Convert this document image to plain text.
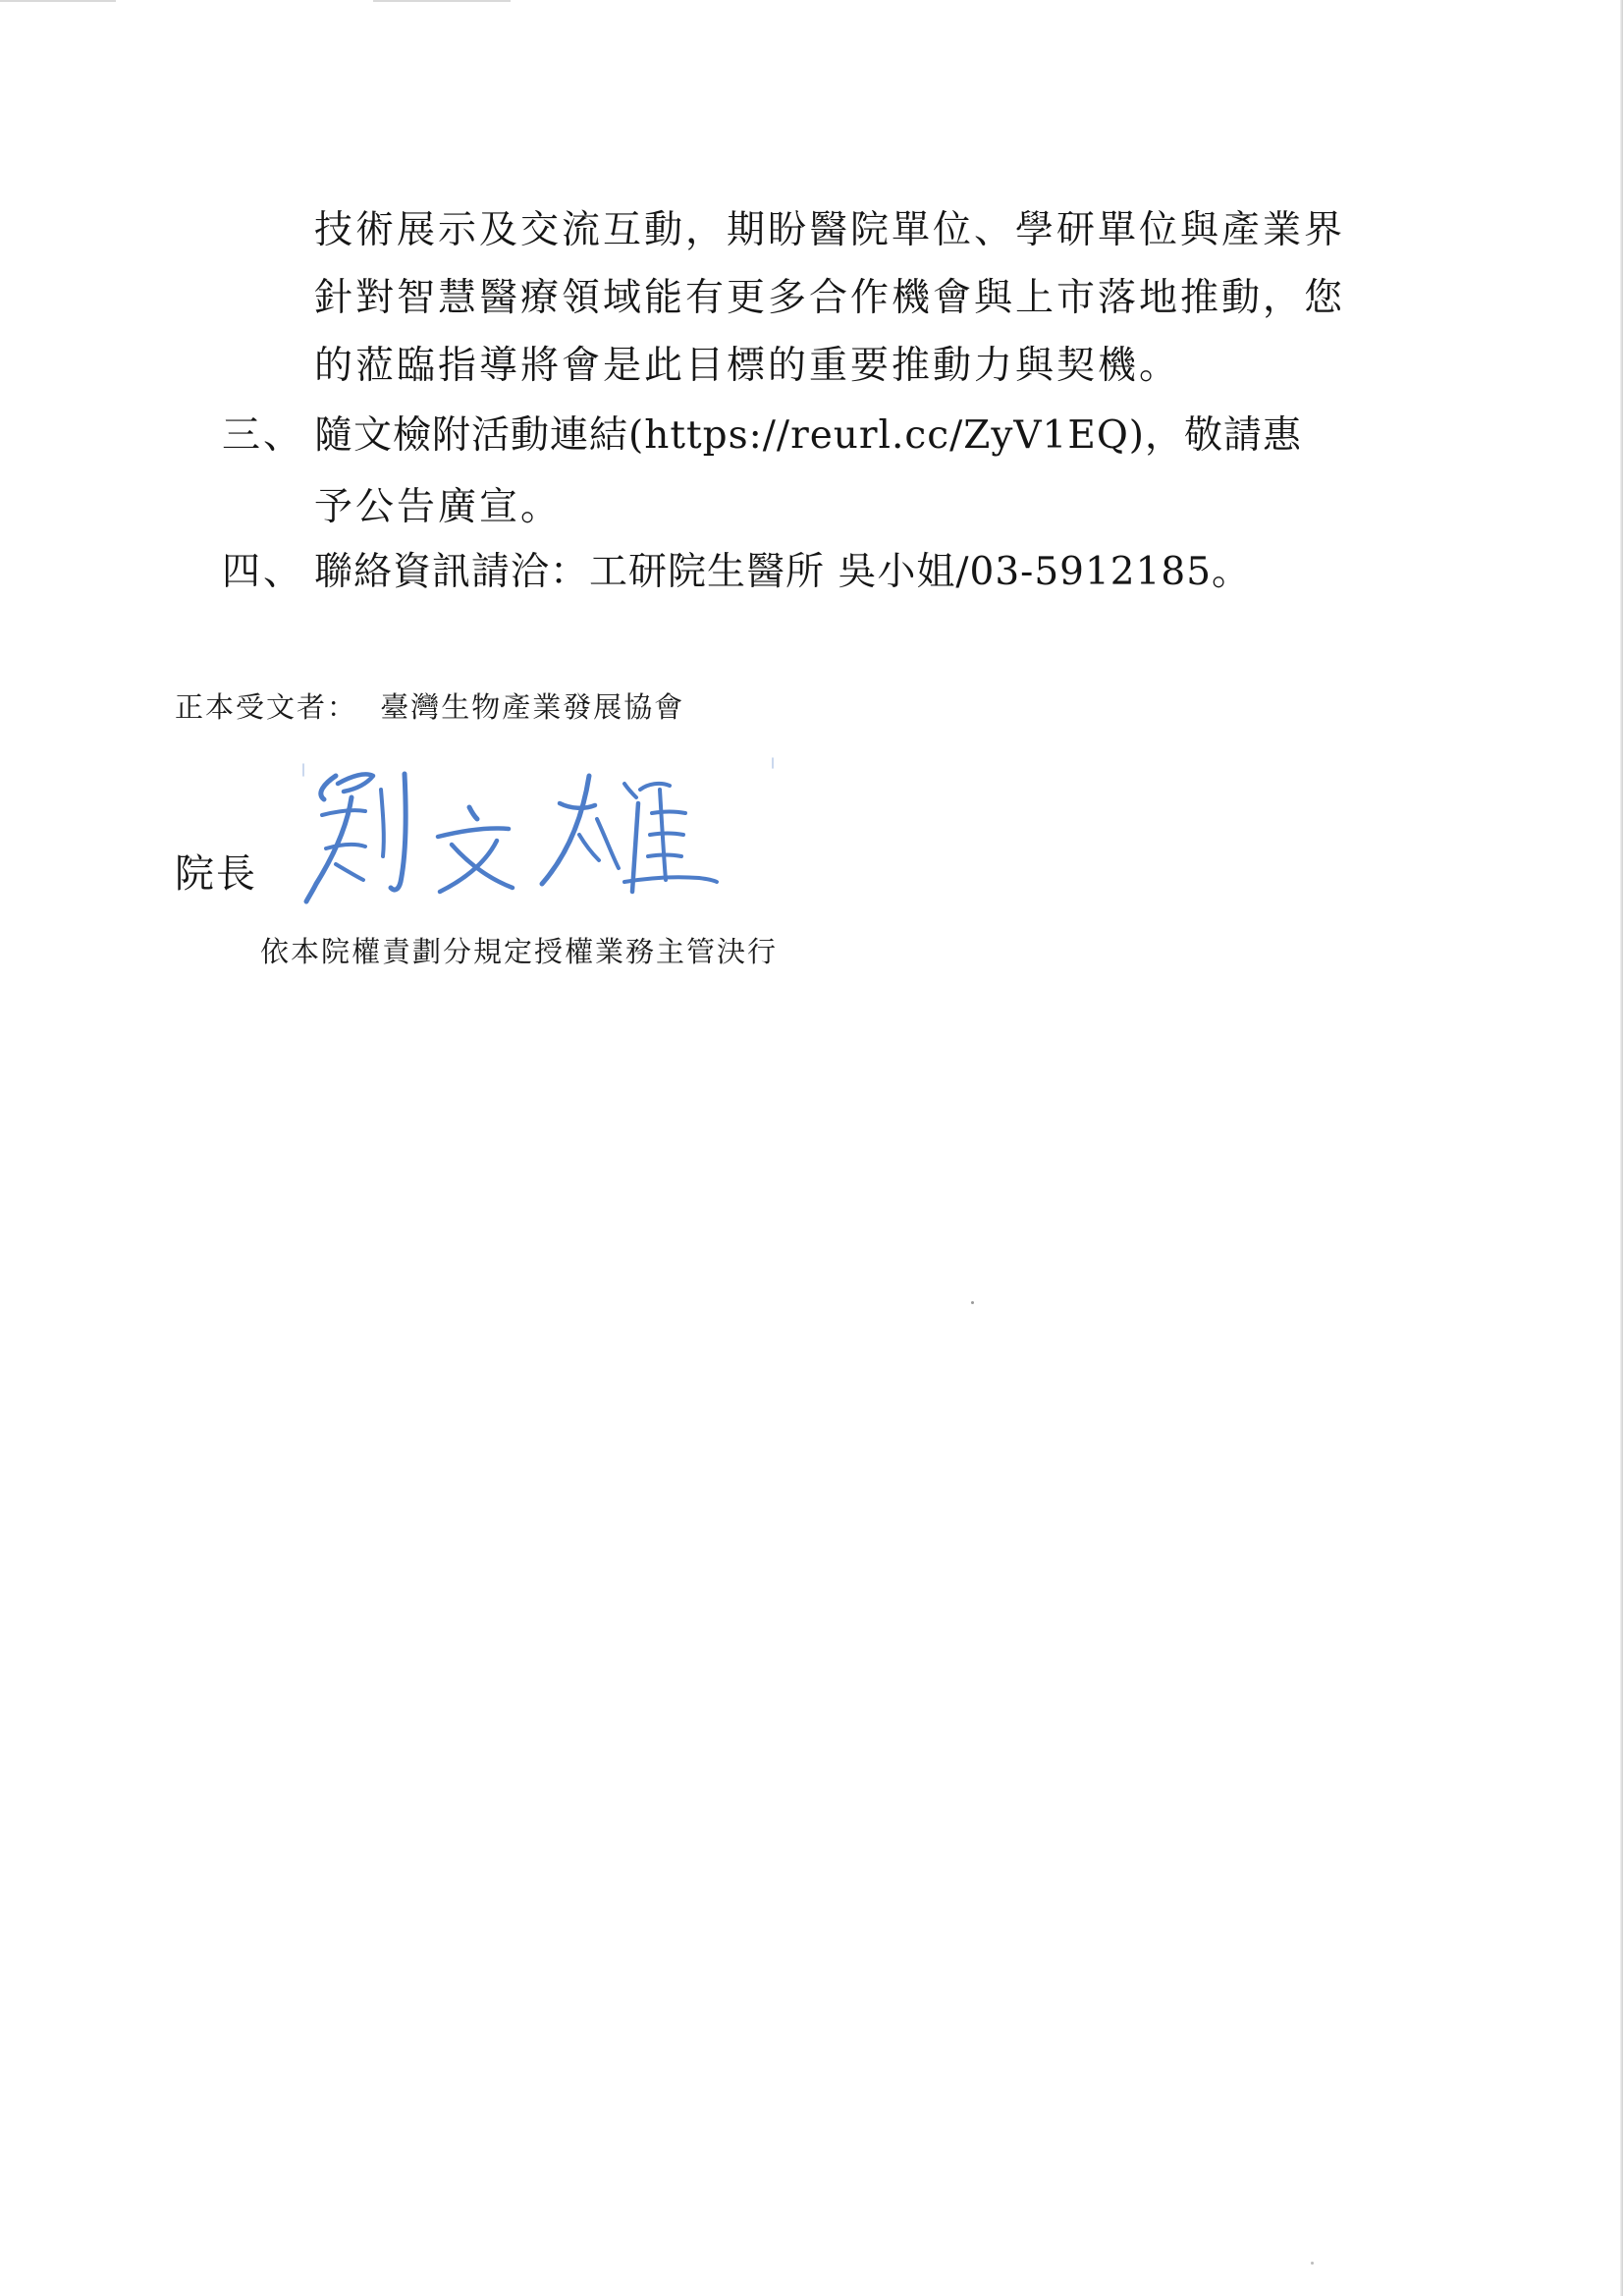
技術展示及交流互動，期盼醫院單位、學研單位與產業界
針對智慧醫療領域能有更多合作機會與上市落地推動，您
的蒞臨指導將會是此目標的重要推動力與契機。
三、 隨文檢附活動連結(https://reurl.cc/ZyV1EQ)，敬請惠
予公告廣宣。
四、 聯絡資訊請洽：工研院生醫所 吳小姐/03-5912185。
正本受文者： 臺灣生物產業發展協會
院長
依本院權責劃分規定授權業務主管決行
